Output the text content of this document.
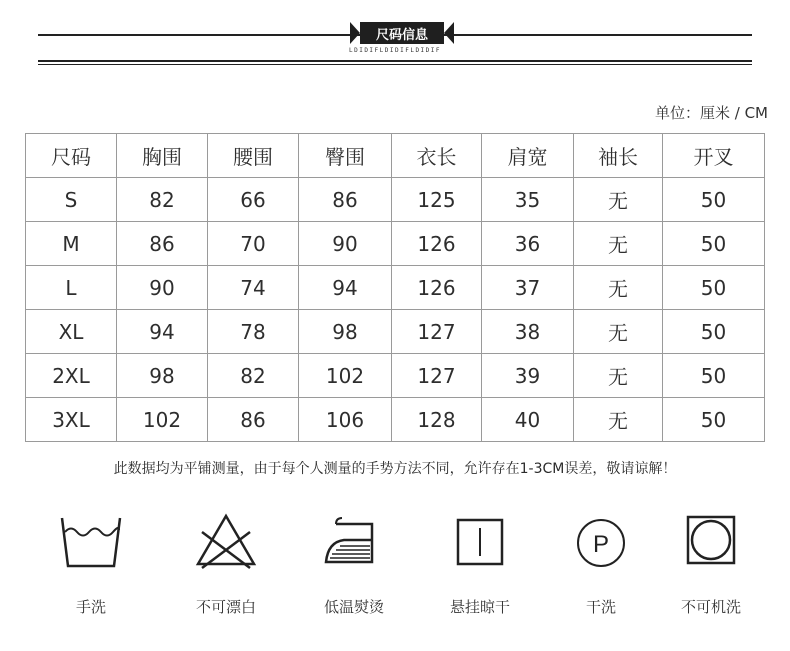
尺码信息
LDIDIFLDIDIFLDIDIF
单位：厘米 / CM
尺码	胸围	腰围	臀围	衣长	肩宽	袖长	开叉
S	82	66	86	125	35	无	50
M	86	70	90	126	36	无	50
L	90	74	94	126	37	无	50
XL	94	78	98	127	38	无	50
2XL	98	82	102	127	39	无	50
3XL	102	86	106	128	40	无	50
此数据均为平铺测量，由于每个人测量的手势方法不同，允许存在1-3CM误差，敬请谅解！
手洗	不可漂白	低温熨烫	悬挂晾干
P
干洗	不可机洗
